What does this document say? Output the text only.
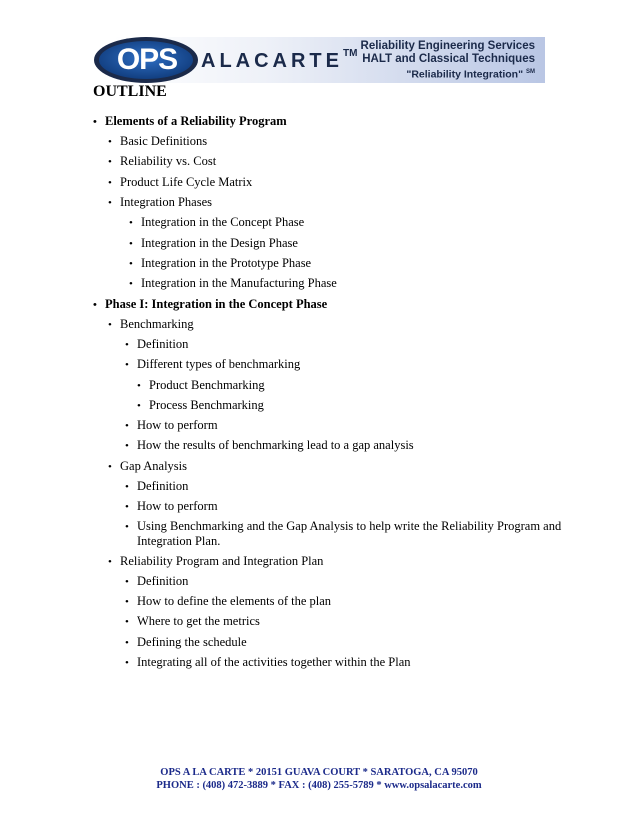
OPS	ALACARTE™
Reliability Engineering Services
HALT and Classical Techniques
"Reliability Integration" ℠
OUTLINE
• Elements of a Reliability Program
• Basic Definitions
• Reliability vs. Cost
• Product Life Cycle Matrix
• Integration Phases
• Integration in the Concept Phase
• Integration in the Design Phase
• Integration in the Prototype Phase
• Integration in the Manufacturing Phase
• Phase I: Integration in the Concept Phase
• Benchmarking
• Definition
• Different types of benchmarking
• Product Benchmarking
• Process Benchmarking
• How to perform
• How the results of benchmarking lead to a gap analysis
• Gap Analysis
• Definition
• How to perform
• Using Benchmarking and the Gap Analysis to help write the Reliability Program and
Integration Plan.
• Reliability Program and Integration Plan
• Definition
• How to define the elements of the plan
• Where to get the metrics
• Defining the schedule
• Integrating all of the activities together within the Plan
OPS A LA CARTE * 20151 GUAVA COURT * SARATOGA, CA 95070
PHONE : (408) 472-3889 * FAX : (408) 255-5789 * www.opsalacarte.com
